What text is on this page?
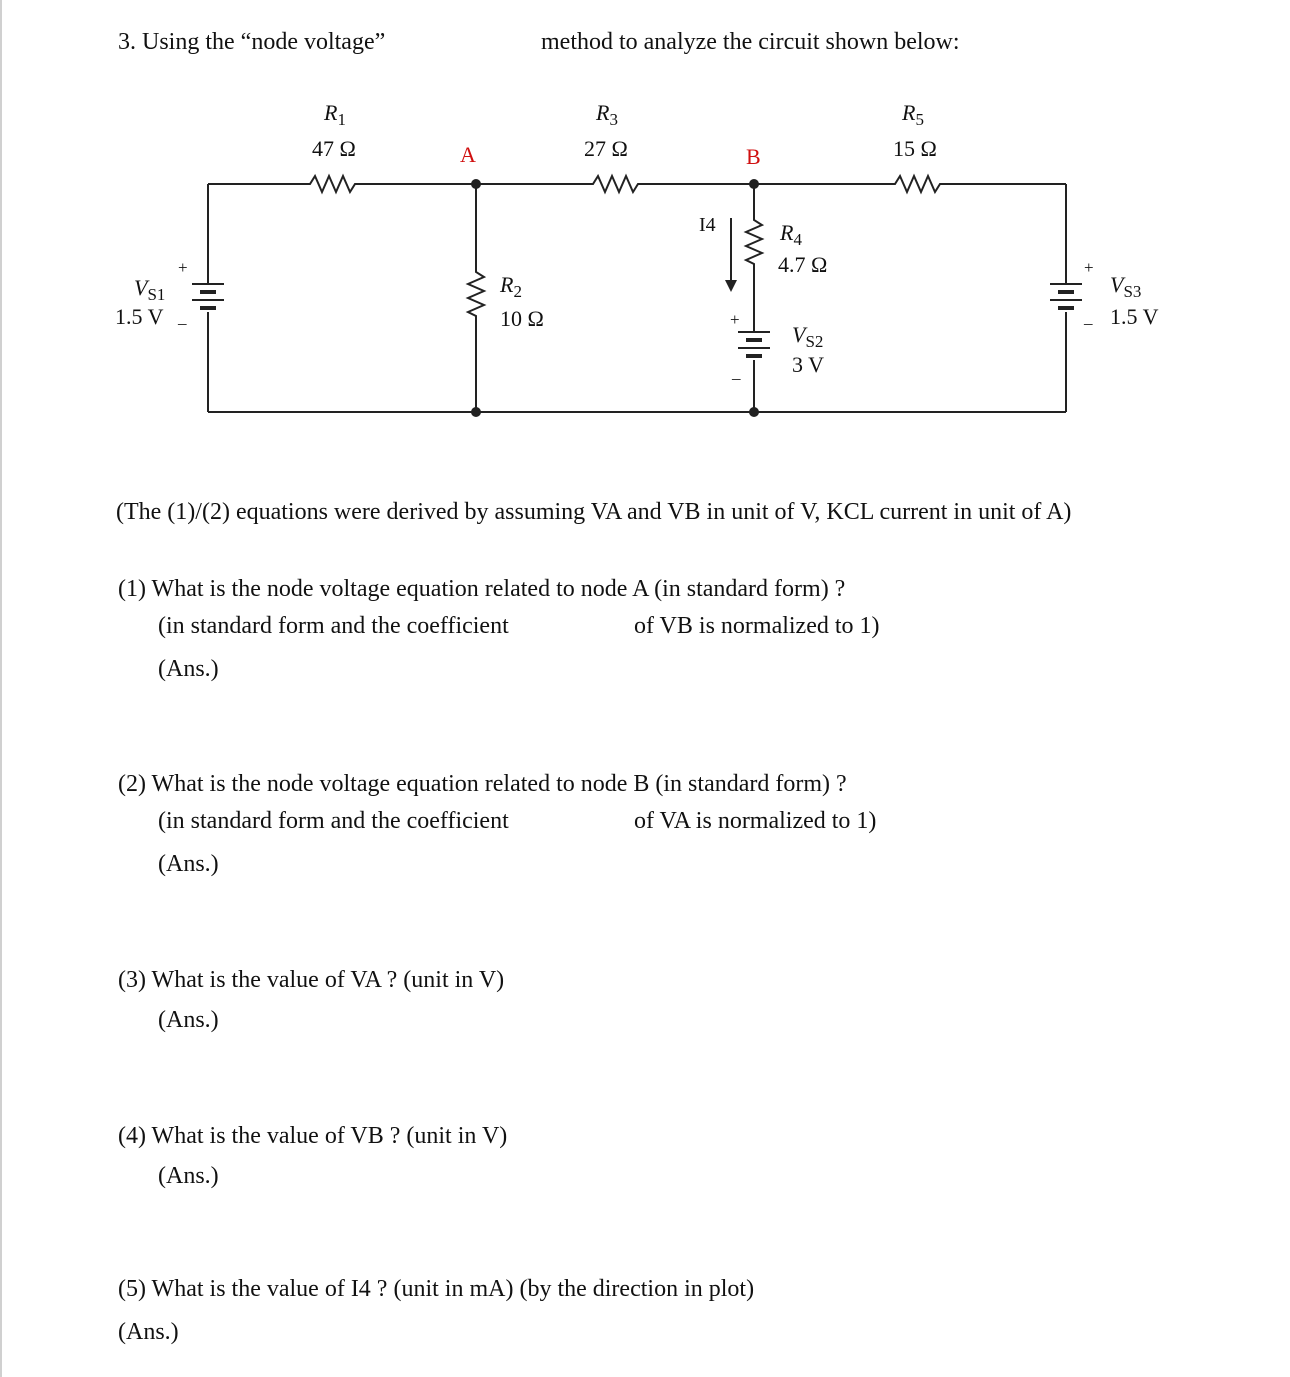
3. Using the “node voltage”	method to analyze the circuit shown below:
$R_1$
47 Ω
$R_3$
27 Ω
$R_5$
15 Ω
$R_2$
10 Ω
$R_4$
4.7 Ω
$V_{S1}$
1.5 V
$V_{S3}$
1.5 V
$V_{S2}$
3 V
A	B
I4
+
_
+
_
+
_
(The (1)/(2) equations were derived by assuming VA and VB in unit of V, KCL current in unit of A)
(1) What is the node voltage equation related to node A (in standard form) ?
(in standard form and the coefficient	of VB is normalized to 1)
(Ans.)
(2) What is the node voltage equation related to node B (in standard form) ?
(in standard form and the coefficient	of VA is normalized to 1)
(Ans.)
(3) What is the value of VA ? (unit in V)
(Ans.)
(4) What is the value of VB ? (unit in V)
(Ans.)
(5) What is the value of I4 ? (unit in mA) (by the direction in plot)
(Ans.)
